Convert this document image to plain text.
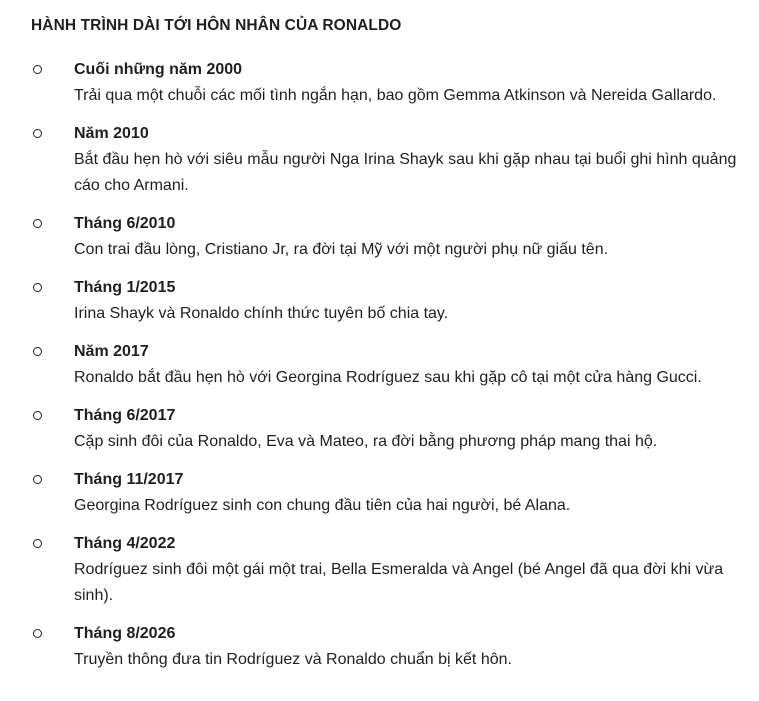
HÀNH TRÌNH DÀI TỚI HÔN NHÂN CỦA RONALDO
Cuối những năm 2000
Trải qua một chuỗi các mối tình ngắn hạn, bao gồm Gemma Atkinson và Nereida Gallardo.
Năm 2010
Bắt đầu hẹn hò với siêu mẫu người Nga Irina Shayk sau khi gặp nhau tại buổi ghi hình quảng cáo cho Armani.
Tháng 6/2010
Con trai đầu lòng, Cristiano Jr, ra đời tại Mỹ với một người phụ nữ giấu tên.
Tháng 1/2015
Irina Shayk và Ronaldo chính thức tuyên bố chia tay.
Năm 2017
Ronaldo bắt đầu hẹn hò với Georgina Rodríguez sau khi gặp cô tại một cửa hàng Gucci.
Tháng 6/2017
Cặp sinh đôi của Ronaldo, Eva và Mateo, ra đời bằng phương pháp mang thai hộ.
Tháng 11/2017
Georgina Rodríguez sinh con chung đầu tiên của hai người, bé Alana.
Tháng 4/2022
Rodríguez sinh đôi một gái một trai, Bella Esmeralda và Angel (bé Angel đã qua đời khi vừa sinh).
Tháng 8/2026
Truyền thông đưa tin Rodríguez và Ronaldo chuẩn bị kết hôn.
